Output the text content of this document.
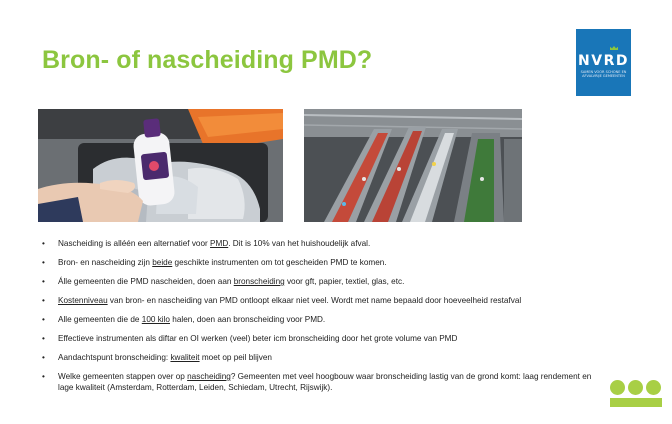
Bron- of nascheiding PMD?	NVRD
SAMEN VOOR SCHONE EN AFVALVRIJE GEMEENTEN
• Nascheiding is alléén een alternatief voor PMD. Dit is 10% van het huishoudelijk afval.
• Bron- en nascheiding zijn beide geschikte instrumenten om tot gescheiden PMD te komen.
• Álle gemeenten die PMD nascheiden, doen aan bronscheiding voor gft, papier, textiel, glas, etc.
• Kostenniveau van bron- en nascheiding van PMD ontloopt elkaar niet veel. Wordt met name bepaald door hoeveelheid restafval
• Alle gemeenten die de 100 kilo halen, doen aan bronscheiding voor PMD.
• Effectieve instrumenten als diftar en OI werken (veel) beter icm bronscheiding door het grote volume van PMD
• Aandachtspunt bronscheiding: kwaliteit moet op peil blijven
• Welke gemeenten stappen over op nascheiding? Gemeenten met veel hoogbouw waar bronscheiding lastig van de grond komt: laag rendement en lage kwaliteit (Amsterdam, Rotterdam, Leiden, Schiedam, Utrecht, Rijswijk).
